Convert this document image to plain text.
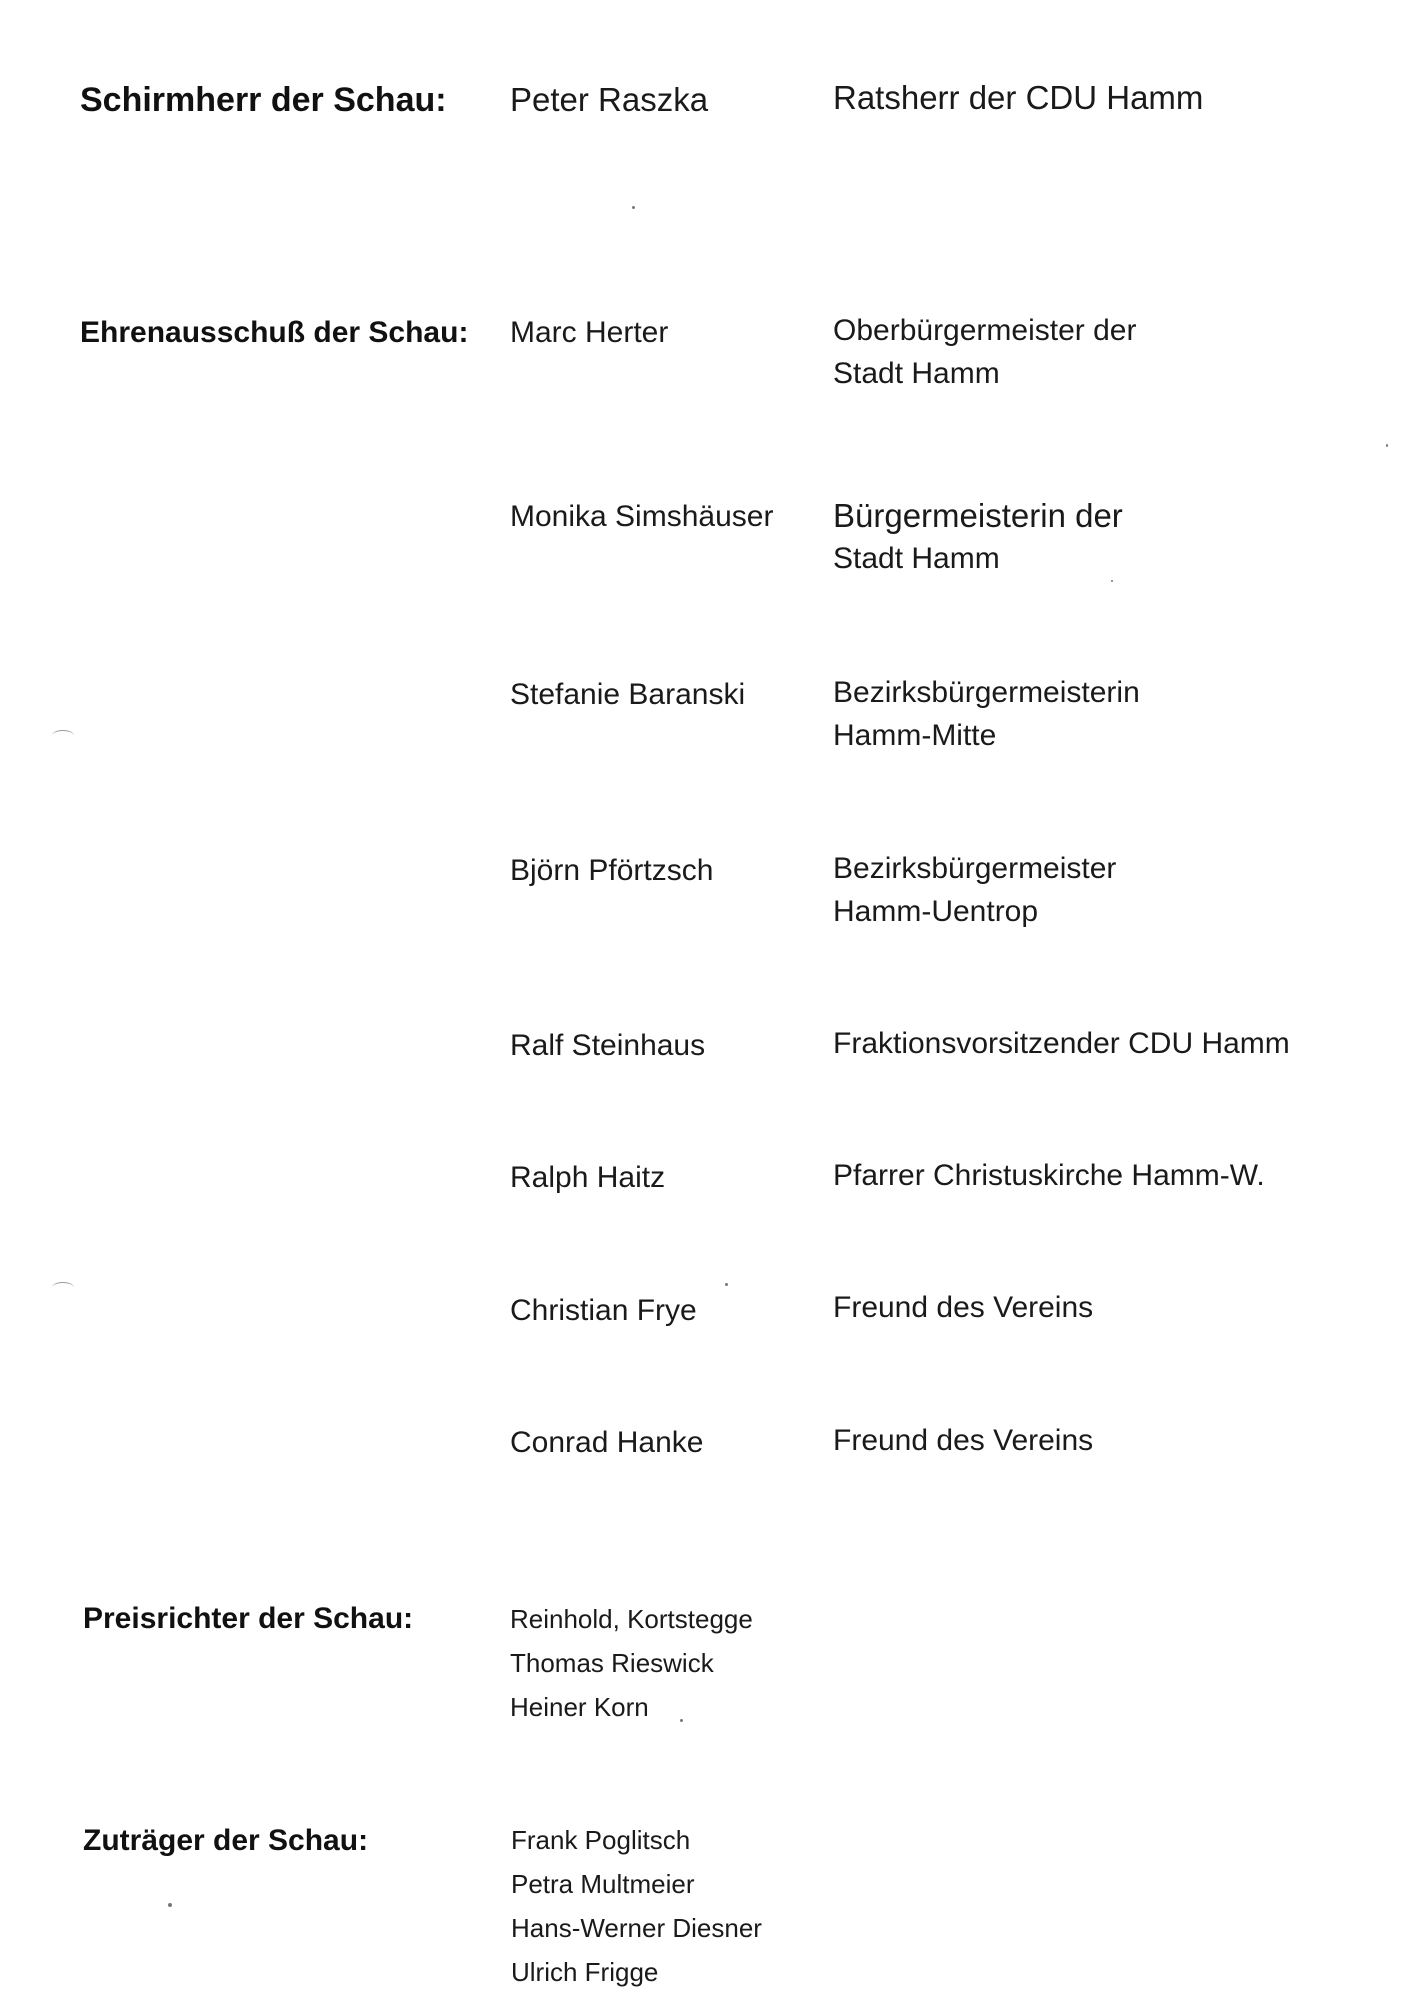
Schirmherr der Schau: Peter Raszka	Ratsherr der CDU Hamm
Ehrenausschuß der Schau: Marc Herter	Oberbürgermeister der
Stadt Hamm
Monika Simshäuser Bürgermeisterin der
Stadt Hamm
Stefanie Baranski	Bezirksbürgermeisterin
Hamm-Mitte
Björn Pförtzsch	Bezirksbürgermeister
Hamm-Uentrop
Ralf Steinhaus	Fraktionsvorsitzender CDU Hamm
Ralph Haitz	Pfarrer Christuskirche Hamm-W.
Christian Frye	Freund des Vereins
Conrad Hanke	Freund des Vereins
Preisrichter der Schau:	Reinhold, Kortstegge
Thomas Rieswick
Heiner Korn
Zuträger der Schau:	Frank Poglitsch
Petra Multmeier
Hans-Werner Diesner
Ulrich Frigge
